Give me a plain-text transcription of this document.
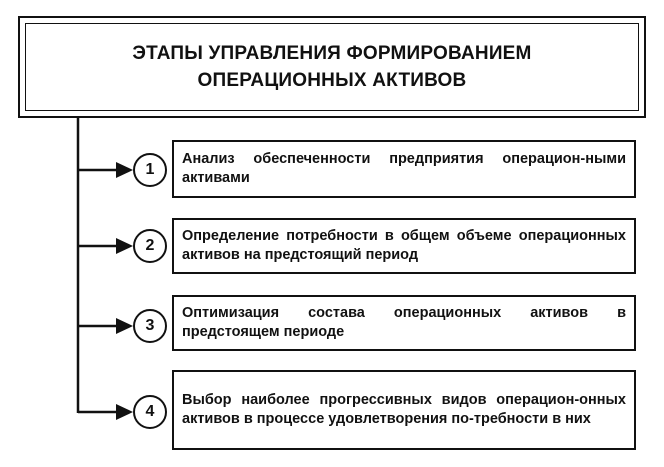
ЭТАПЫ УПРАВЛЕНИЯ ФОРМИРОВАНИЕМ
ОПЕРАЦИОННЫХ АКТИВОВ
1
Анализ обеспеченности предприятия операцион-ными активами
2
Определение потребности в общем объеме операционных активов на предстоящий период
3
Оптимизация состава операционных активов в предстоящем периоде
4
Выбор наиболее прогрессивных видов операцион-онных активов в процессе удовлетворения по-требности в них
